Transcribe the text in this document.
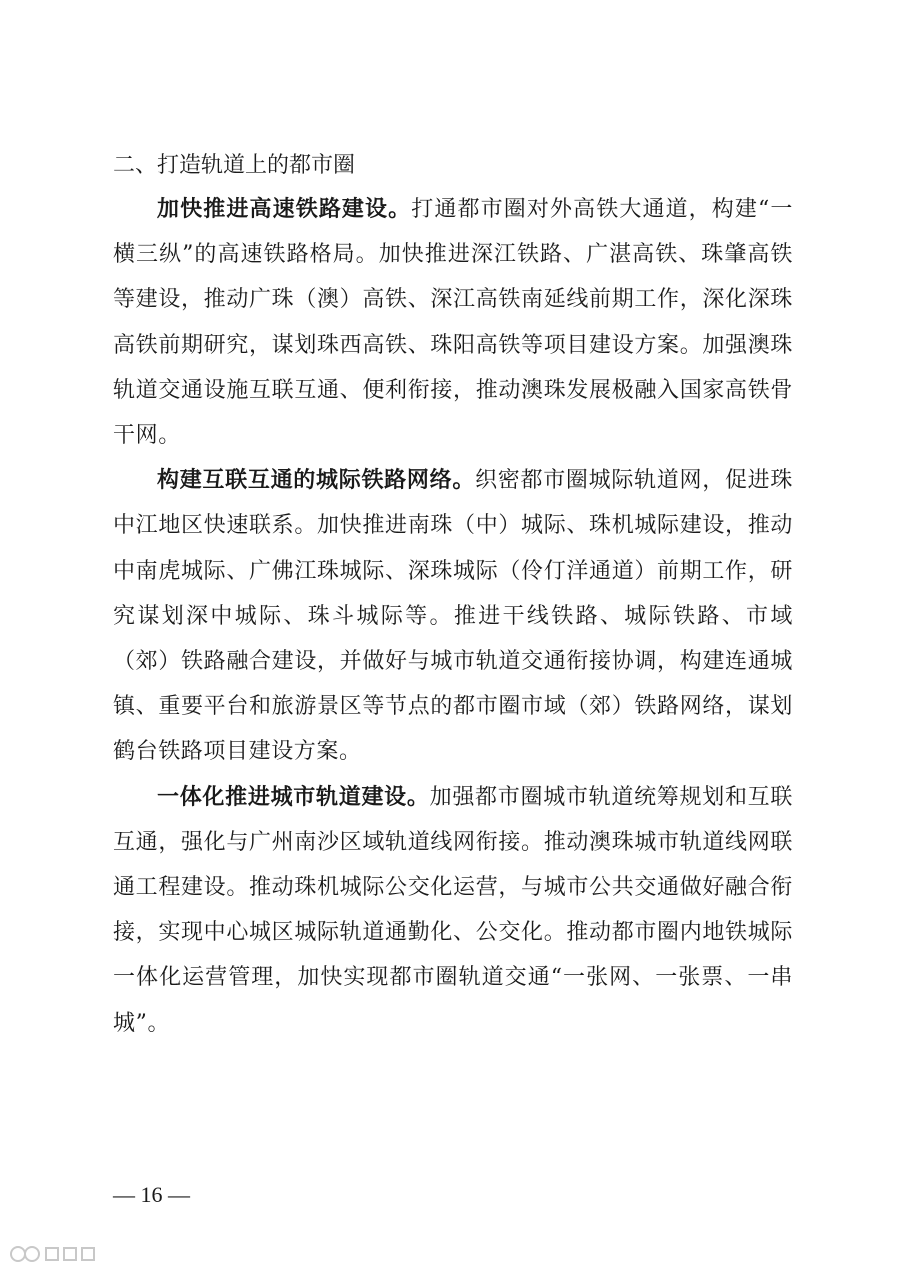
二、打造轨道上的都市圈

加快推进高速铁路建设。打通都市圈对外高铁大通道，构建“一横三纵”的高速铁路格局。加快推进深江铁路、广湛高铁、珠肇高铁等建设，推动广珠（澳）高铁、深江高铁南延线前期工作，深化深珠高铁前期研究，谋划珠西高铁、珠阳高铁等项目建设方案。加强澳珠轨道交通设施互联互通、便利衔接，推动澳珠发展极融入国家高铁骨干网。

构建互联互通的城际铁路网络。织密都市圈城际轨道网，促进珠中江地区快速联系。加快推进南珠（中）城际、珠机城际建设，推动中南虎城际、广佛江珠城际、深珠城际（伶仃洋通道）前期工作，研究谋划深中城际、珠斗城际等。推进干线铁路、城际铁路、市域（郊）铁路融合建设，并做好与城市轨道交通衔接协调，构建连通城镇、重要平台和旅游景区等节点的都市圈市域（郊）铁路网络，谋划鹤台铁路项目建设方案。

一体化推进城市轨道建设。加强都市圈城市轨道统筹规划和互联互通，强化与广州南沙区域轨道线网衔接。推动澳珠城市轨道线网联通工程建设。推动珠机城际公交化运营，与城市公共交通做好融合衔接，实现中心城区城际轨道通勤化、公交化。推动都市圈内地铁城际一体化运营管理，加快实现都市圈轨道交通“一张网、一张票、一串城”。

— 16 —
